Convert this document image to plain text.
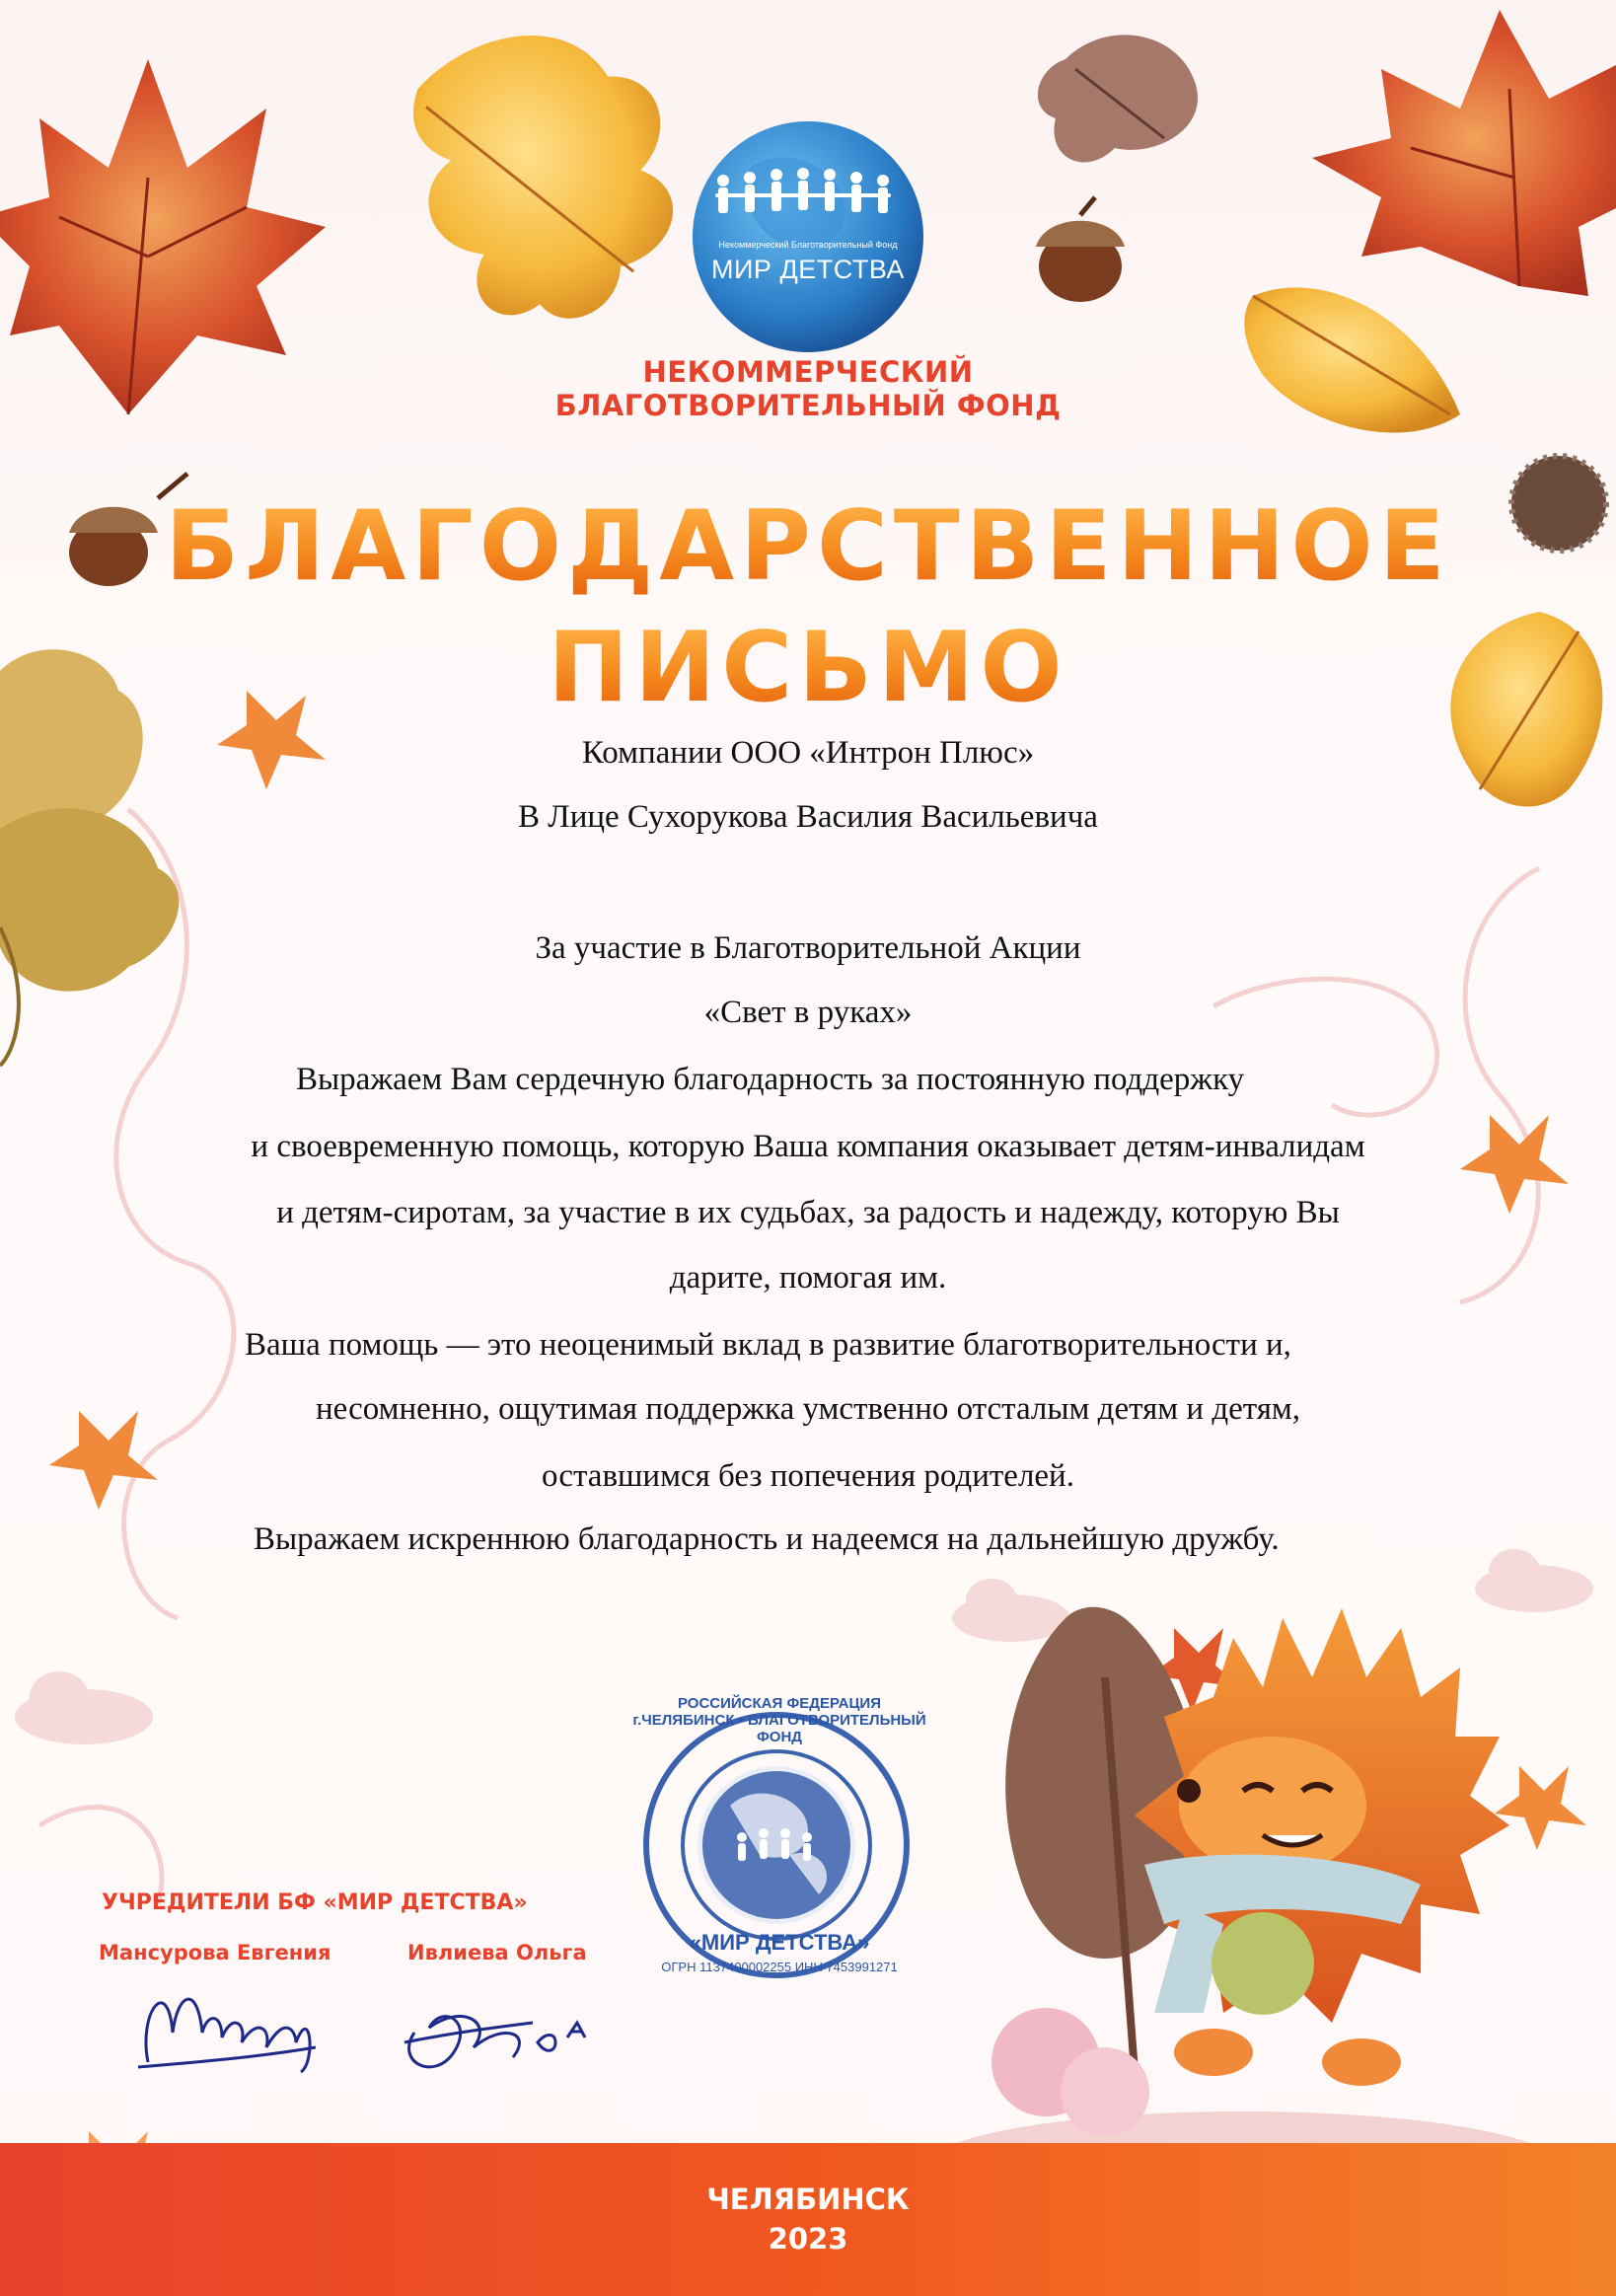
Некоммерческий Благотворительный Фонд
МИР ДЕТСТВА
НЕКОММЕРЧЕСКИЙ
БЛАГОТВОРИТЕЛЬНЫЙ ФОНД
БЛАГОДАРСТВЕННОЕ
ПИСЬМО
Компании ООО «Интрон Плюс»
В Лице Сухорукова Василия Васильевича
За участие в Благотворительной Акции
«Свет в руках»
Выражаем Вам сердечную благодарность за постоянную поддержку
и своевременную помощь, которую Ваша компания оказывает детям-инвалидам
и детям-сиротам, за участие в их судьбах, за радость и надежду, которую Вы
дарите, помогая им.
Ваша помощь — это неоценимый вклад в развитие благотворительности и,
несомненно, ощутимая поддержка умственно отсталым детям и детям,
оставшимся без попечения родителей.
Выражаем искреннюю благодарность и надеемся на дальнейшую дружбу.
РОССИЙСКАЯ ФЕДЕРАЦИЯ г.ЧЕЛЯБИНСК • БЛАГОТВОРИТЕЛЬНЫЙ ФОНД
«МИР ДЕТСТВА»
ОГРН 1137400002255 ИНН 7453991271
УЧРЕДИТЕЛИ БФ «МИР ДЕТСТВА»
Мансурова Евгения	Ивлиева Ольга
ЧЕЛЯБИНСК
2023
